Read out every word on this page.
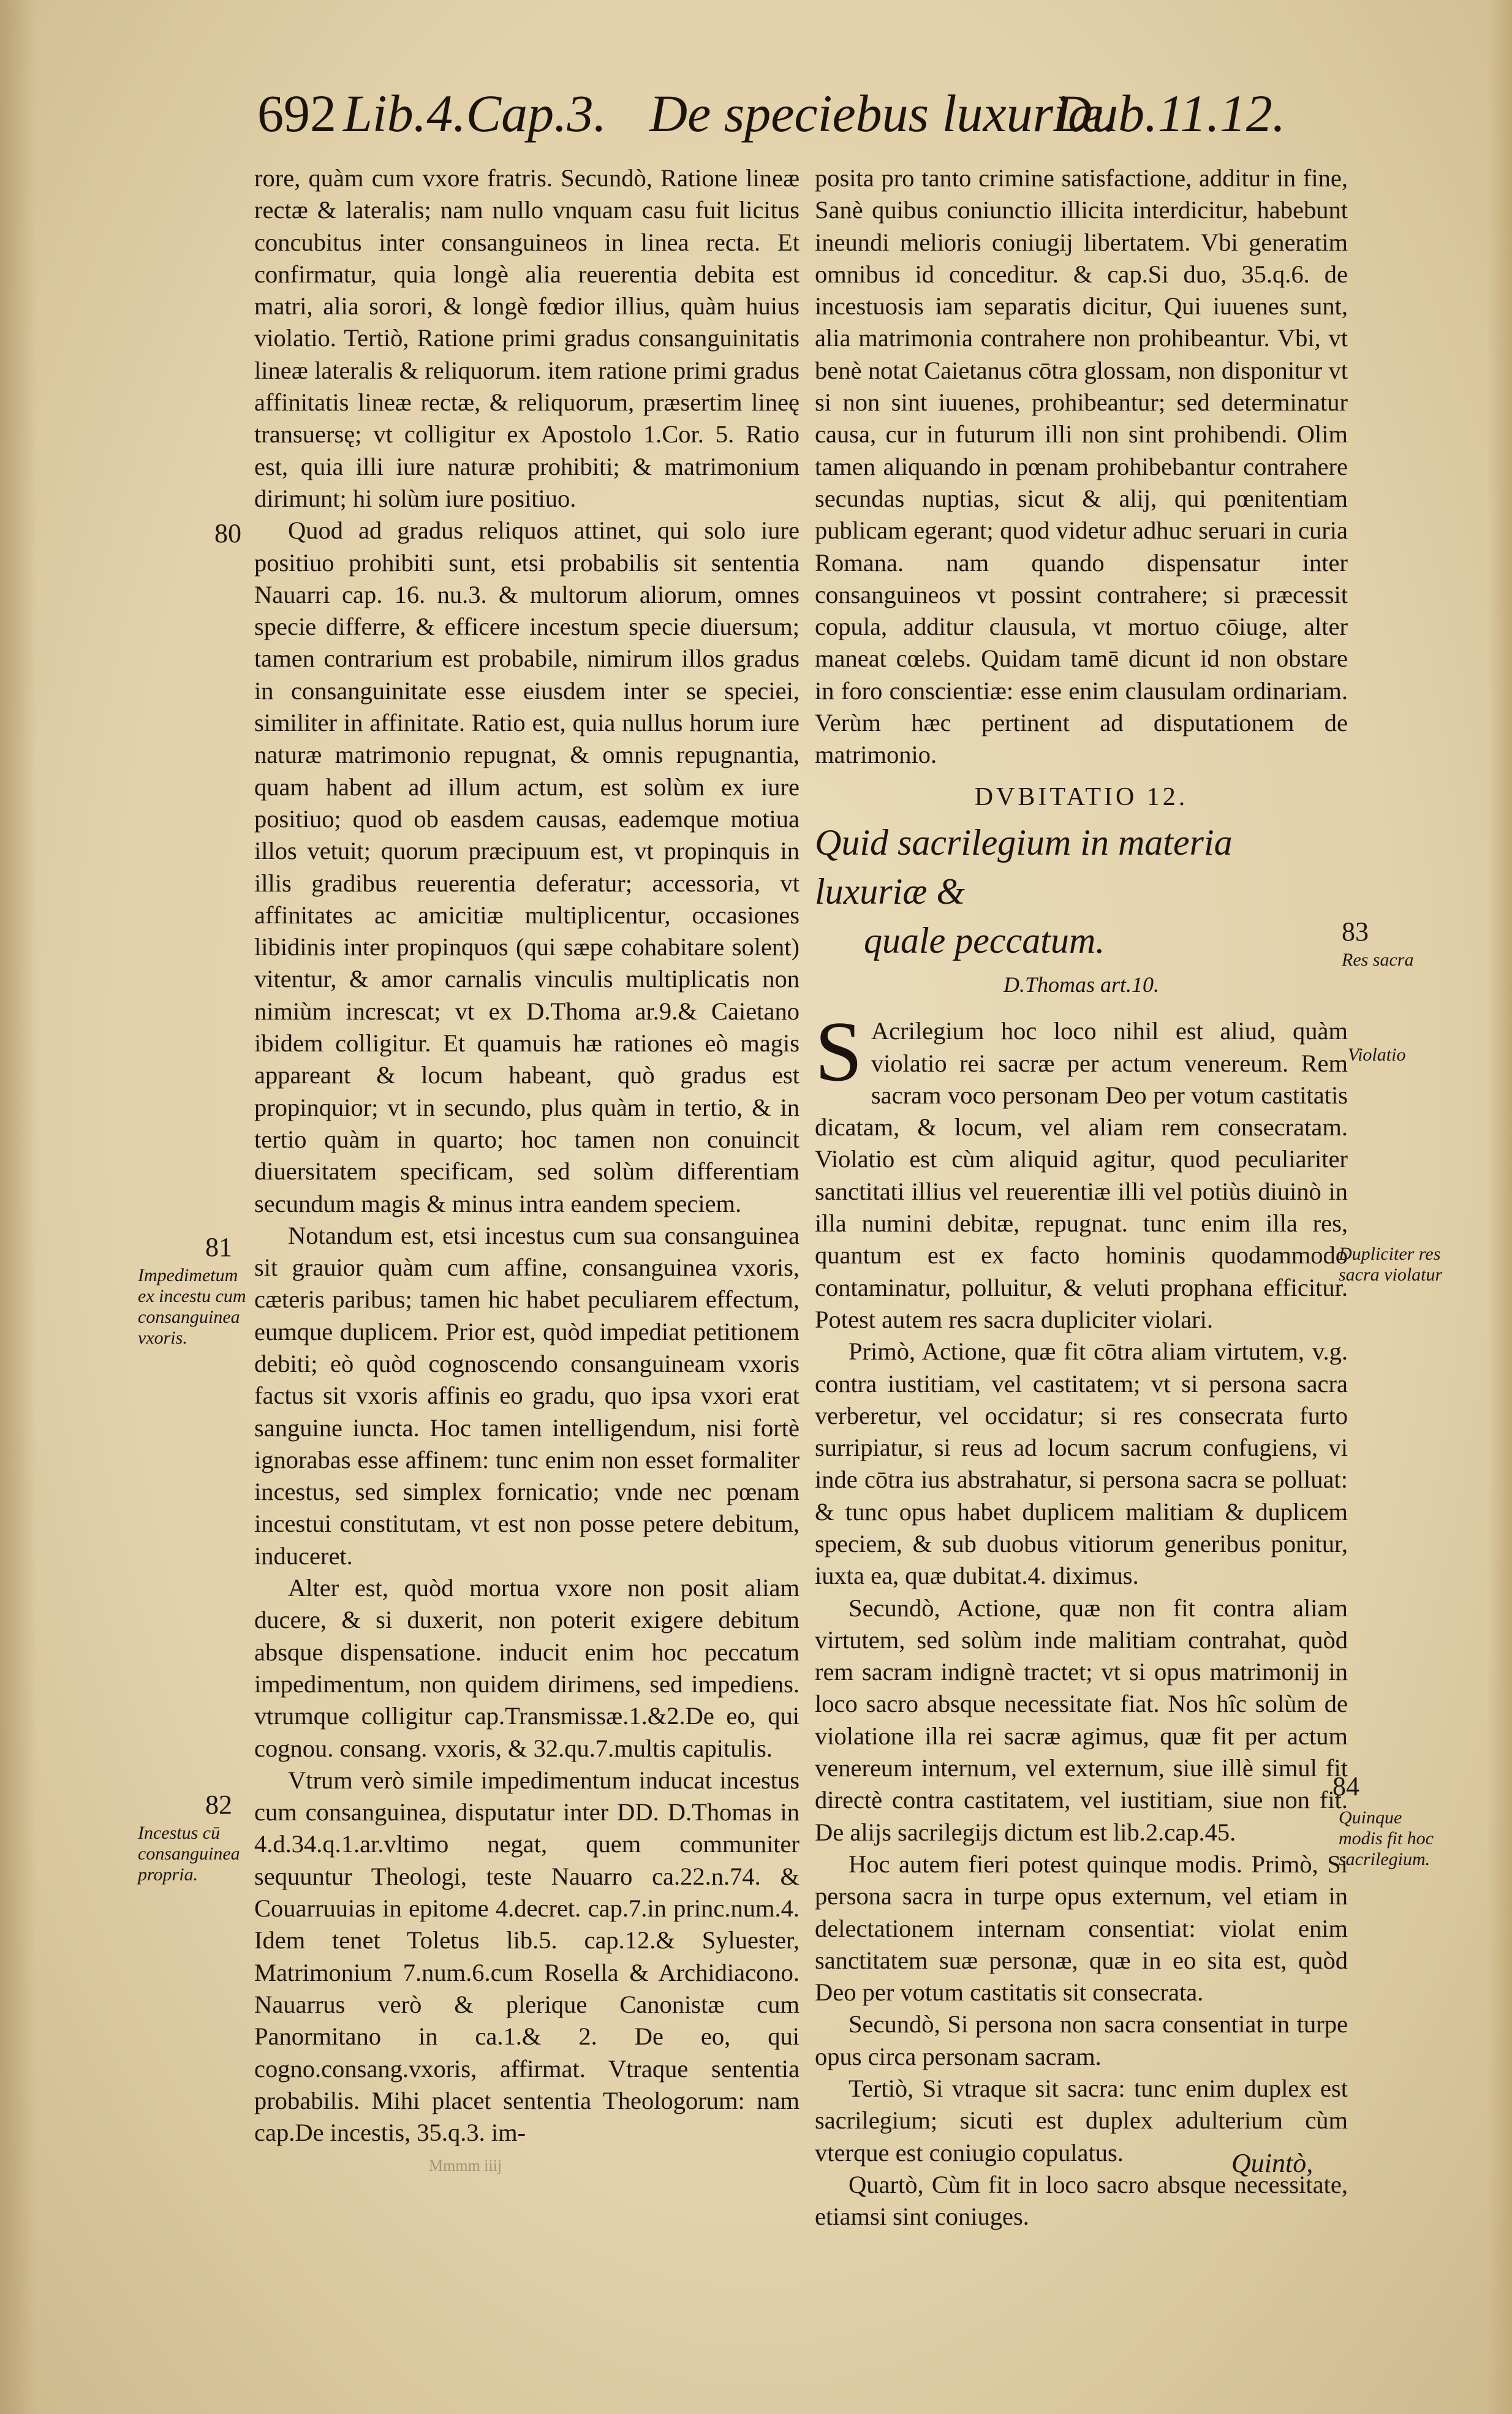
692 Lib.4.Cap.3. De speciebus luxuriæ.
Dub.11.12.

rore, quàm cum vxore fratris. Secundò, Ratione lineæ rectæ & lateralis; nam nullo vnquam casu fuit licitus concubitus inter consanguineos in linea recta. Et confirmatur, quia longè alia reuerentia debita est matri, alia sorori, & longè fœdior illius, quàm huius violatio. Tertiò, Ratione primi gradus consanguinitatis lineæ lateralis & reliquorum. item ratione primi gradus affinitatis lineæ rectæ, & reliquorum, præsertim lineę transuersę; vt colligitur ex Apostolo 1.Cor. 5. Ratio est, quia illi iure naturæ prohibiti; & matrimonium dirimunt; hi solùm iure positiuo.

Quod ad gradus reliquos attinet, qui solo iure positiuo prohibiti sunt, etsi probabilis sit sententia Nauarri cap. 16. nu.3. & multorum aliorum, omnes specie differre, & efficere incestum specie diuersum; tamen contrarium est probabile, nimirum illos gradus in consanguinitate esse eiusdem inter se speciei, similiter in affinitate. Ratio est, quia nullus horum iure naturæ matrimonio repugnat, & omnis repugnantia, quam habent ad illum actum, est solùm ex iure positiuo; quod ob easdem causas, eademque motiua illos vetuit; quorum præcipuum est, vt propinquis in illis gradibus reuerentia deferatur; accessoria, vt affinitates ac amicitiæ multiplicentur, occasiones libidinis inter propinquos (qui sæpe cohabitare solent) vitentur, & amor carnalis vinculis multiplicatis non nimiùm increscat; vt ex D.Thoma ar.9.& Caietano ibidem colligitur. Et quamuis hæ rationes eò magis appareant & locum habeant, quò gradus est propinquior; vt in secundo, plus quàm in tertio, & in tertio quàm in quarto; hoc tamen non conuincit diuersitatem specificam, sed solùm differentiam secundum magis & minus intra eandem speciem.

Notandum est, etsi incestus cum sua consanguinea sit grauior quàm cum affine, consanguinea vxoris, cæteris paribus; tamen hic habet peculiarem effectum, eumque duplicem. Prior est, quòd impediat petitionem debiti; eò quòd cognoscendo consanguineam vxoris factus sit vxoris affinis eo gradu, quo ipsa vxori erat sanguine iuncta. Hoc tamen intelligendum, nisi fortè ignorabas esse affinem: tunc enim non esset formaliter incestus, sed simplex fornicatio; vnde nec pœnam incestui constitutam, vt est non posse petere debitum, induceret.

Alter est, quòd mortua vxore non posit aliam ducere, & si duxerit, non poterit exigere debitum absque dispensatione. inducit enim hoc peccatum impedimentum, non quidem dirimens, sed impediens. vtrumque colligitur cap.Transmissæ.1.&2.De eo, qui cognou. consang. vxoris, & 32.qu.7.multis capitulis.

Vtrum verò simile impedimentum inducat incestus cum consanguinea, disputatur inter DD. D.Thomas in 4.d.34.q.1.ar.vltimo negat, quem communiter sequuntur Theologi, teste Nauarro ca.22.n.74. & Couarruuias in epitome 4.decret. cap.7.in princ.num.4. Idem tenet Toletus lib.5. cap.12.& Syluester, Matrimonium 7.num.6.cum Rosella & Archidiacono. Nauarrus verò & plerique Canonistæ cum Panormitano in ca.1.& 2. De eo, qui cogno.consang.vxoris, affirmat. Vtraque sententia probabilis. Mihi placet sententia Theologorum: nam cap.De incestis, 35.q.3. im-

posita pro tanto crimine satisfactione, additur in fine, Sanè quibus coniunctio illicita interdicitur, habebunt ineundi melioris coniugij libertatem. Vbi generatim omnibus id conceditur. & cap.Si duo, 35.q.6. de incestuosis iam separatis dicitur, Qui iuuenes sunt, alia matrimonia contrahere non prohibeantur. Vbi, vt benè notat Caietanus cōtra glossam, non disponitur vt si non sint iuuenes, prohibeantur; sed determinatur causa, cur in futurum illi non sint prohibendi. Olim tamen aliquando in pœnam prohibebantur contrahere secundas nuptias, sicut & alij, qui pœnitentiam publicam egerant; quod videtur adhuc seruari in curia Romana. nam quando dispensatur inter consanguineos vt possint contrahere; si præcessit copula, additur clausula, vt mortuo cōiuge, alter maneat cœlebs. Quidam tamē dicunt id non obstare in foro conscientiæ: esse enim clausulam ordinariam. Verùm hæc pertinent ad disputationem de matrimonio.

DVBITATIO 12.

Quid sacrilegium in materia luxuriæ &

quale peccatum.

D.Thomas art.10.

S Acrilegium hoc loco nihil est aliud, quàm violatio rei sacræ per actum venereum. Rem sacram voco personam Deo per votum castitatis dicatam, & locum, vel aliam rem consecratam. Violatio est cùm aliquid agitur, quod peculiariter sanctitati illius vel reuerentiæ illi vel potiùs diuinò in illa numini debitæ, repugnat. tunc enim illa res, quantum est ex facto hominis quodammodo contaminatur, polluitur, & veluti prophana efficitur. Potest autem res sacra dupliciter violari.

Primò, Actione, quæ fit cōtra aliam virtutem, v.g. contra iustitiam, vel castitatem; vt si persona sacra verberetur, vel occidatur; si res consecrata furto surripiatur, si reus ad locum sacrum confugiens, vi inde cōtra ius abstrahatur, si persona sacra se polluat: & tunc opus habet duplicem malitiam & duplicem speciem, & sub duobus vitiorum generibus ponitur, iuxta ea, quæ dubitat.4. diximus.

Secundò, Actione, quæ non fit contra aliam virtutem, sed solùm inde malitiam contrahat, quòd rem sacram indignè tractet; vt si opus matrimonij in loco sacro absque necessitate fiat. Nos hîc solùm de violatione illa rei sacræ agimus, quæ fit per actum venereum internum, vel externum, siue illè simul fit directè contra castitatem, vel iustitiam, siue non fit. De alijs sacrilegijs dictum est lib.2.cap.45.

Hoc autem fieri potest quinque modis. Primò, Si persona sacra in turpe opus externum, vel etiam in delectationem internam consentiat: violat enim sanctitatem suæ personæ, quæ in eo sita est, quòd Deo per votum castitatis sit consecrata.

Secundò, Si persona non sacra consentiat in turpe opus circa personam sacram.

Tertiò, Si vtraque sit sacra: tunc enim duplex est sacrilegium; sicuti est duplex adulterium cùm vterque est coniugio copulatus.

Quartò, Cùm fit in loco sacro absque necessitate, etiamsi sint coniuges.

80
81
82
83
84
Impedimetum ex incestu cum consanguinea vxoris.
Incestus cū consanguinea propria.
Res sacra
Violatio
Dupliciter res sacra violatur
Quinque modis fit hoc sacrilegium.
Mmmm iiij	Quintò,
